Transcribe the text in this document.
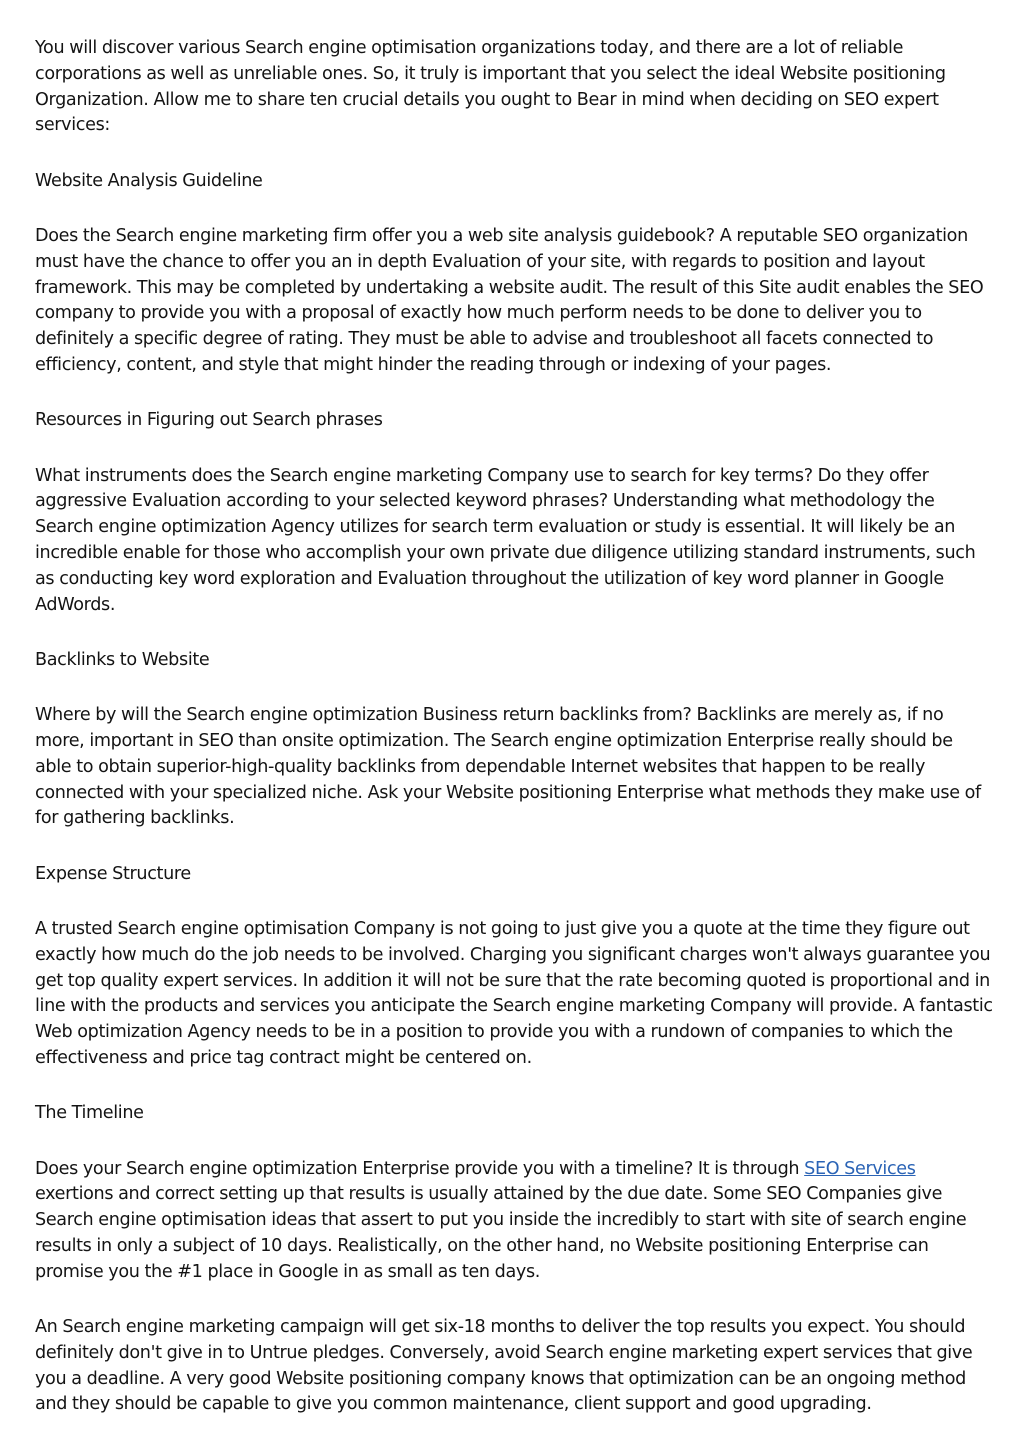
You will discover various Search engine optimisation organizations today, and there are a lot of reliable corporations as well as unreliable ones. So, it truly is important that you select the ideal Website positioning Organization. Allow me to share ten crucial details you ought to Bear in mind when deciding on SEO expert services:

Website Analysis Guideline

Does the Search engine marketing firm offer you a web site analysis guidebook? A reputable SEO organization must have the chance to offer you an in depth Evaluation of your site, with regards to position and layout framework. This may be completed by undertaking a website audit. The result of this Site audit enables the SEO company to provide you with a proposal of exactly how much perform needs to be done to deliver you to definitely a specific degree of rating. They must be able to advise and troubleshoot all facets connected to efficiency, content, and style that might hinder the reading through or indexing of your pages.

Resources in Figuring out Search phrases

What instruments does the Search engine marketing Company use to search for key terms? Do they offer aggressive Evaluation according to your selected keyword phrases? Understanding what methodology the Search engine optimization Agency utilizes for search term evaluation or study is essential. It will likely be an incredible enable for those who accomplish your own private due diligence utilizing standard instruments, such as conducting key word exploration and Evaluation throughout the utilization of key word planner in Google AdWords.

Backlinks to Website

Where by will the Search engine optimization Business return backlinks from? Backlinks are merely as, if no more, important in SEO than onsite optimization. The Search engine optimization Enterprise really should be able to obtain superior-high-quality backlinks from dependable Internet websites that happen to be really connected with your specialized niche. Ask your Website positioning Enterprise what methods they make use of for gathering backlinks.

Expense Structure

A trusted Search engine optimisation Company is not going to just give you a quote at the time they figure out exactly how much do the job needs to be involved. Charging you significant charges won't always guarantee you get top quality expert services. In addition it will not be sure that the rate becoming quoted is proportional and in line with the products and services you anticipate the Search engine marketing Company will provide. A fantastic Web optimization Agency needs to be in a position to provide you with a rundown of companies to which the effectiveness and price tag contract might be centered on.

The Timeline

Does your Search engine optimization Enterprise provide you with a timeline? It is through SEO Services exertions and correct setting up that results is usually attained by the due date. Some SEO Companies give Search engine optimisation ideas that assert to put you inside the incredibly to start with site of search engine results in only a subject of 10 days. Realistically, on the other hand, no Website positioning Enterprise can promise you the #1 place in Google in as small as ten days.

An Search engine marketing campaign will get six-18 months to deliver the top results you expect. You should definitely don't give in to Untrue pledges. Conversely, avoid Search engine marketing expert services that give you a deadline. A very good Website positioning company knows that optimization can be an ongoing method and they should be capable to give you common maintenance, client support and good upgrading.
